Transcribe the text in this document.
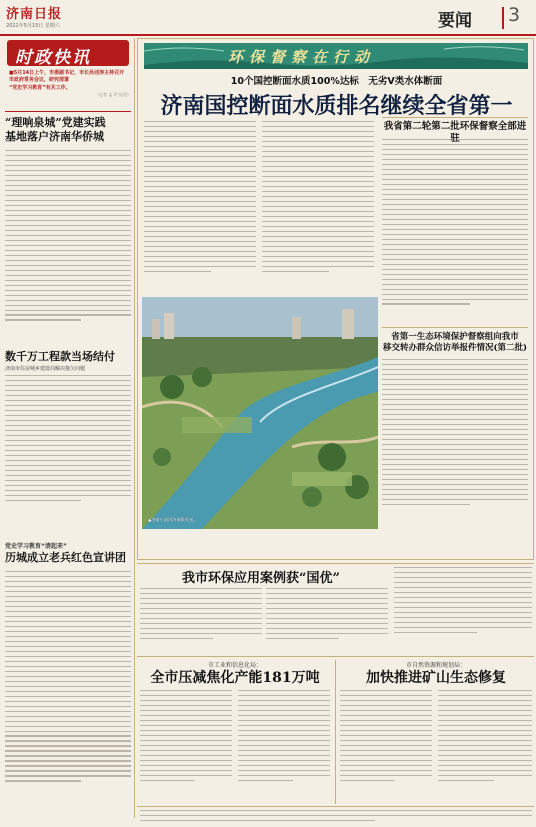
济南日报
2021年5月15日 星期六	要闻 3
时政快讯
■5月14日上午，市委副书记、市长孙述涛主持召开
市政府常务会议，研究部署
“党史学习教育”有关工作。
（记者 孟 玲 报道）
“理响泉城”党建实践
基地落户济南华侨城
数千万工程款当场结付
济南市住房城乡建设局解决拖欠问题
党史学习教育“清起来”
历城成立老兵红色宣讲团
环保督察在行动
10个国控断面水质100%达标　无劣Ⅴ类水体断面
济南国控断面水质排名继续全省第一
▲济南小清河济南段风光。
我省第二轮第二批环保督察全部进
省第一生态环境保护督察组向我市
移交转办群众信访举报件情况(第二批)
我市环保应用案例获“国优”
市工业和信息化局：
全市压减焦化产能181万吨
市自然资源和规划局：
加快推进矿山生态修复
